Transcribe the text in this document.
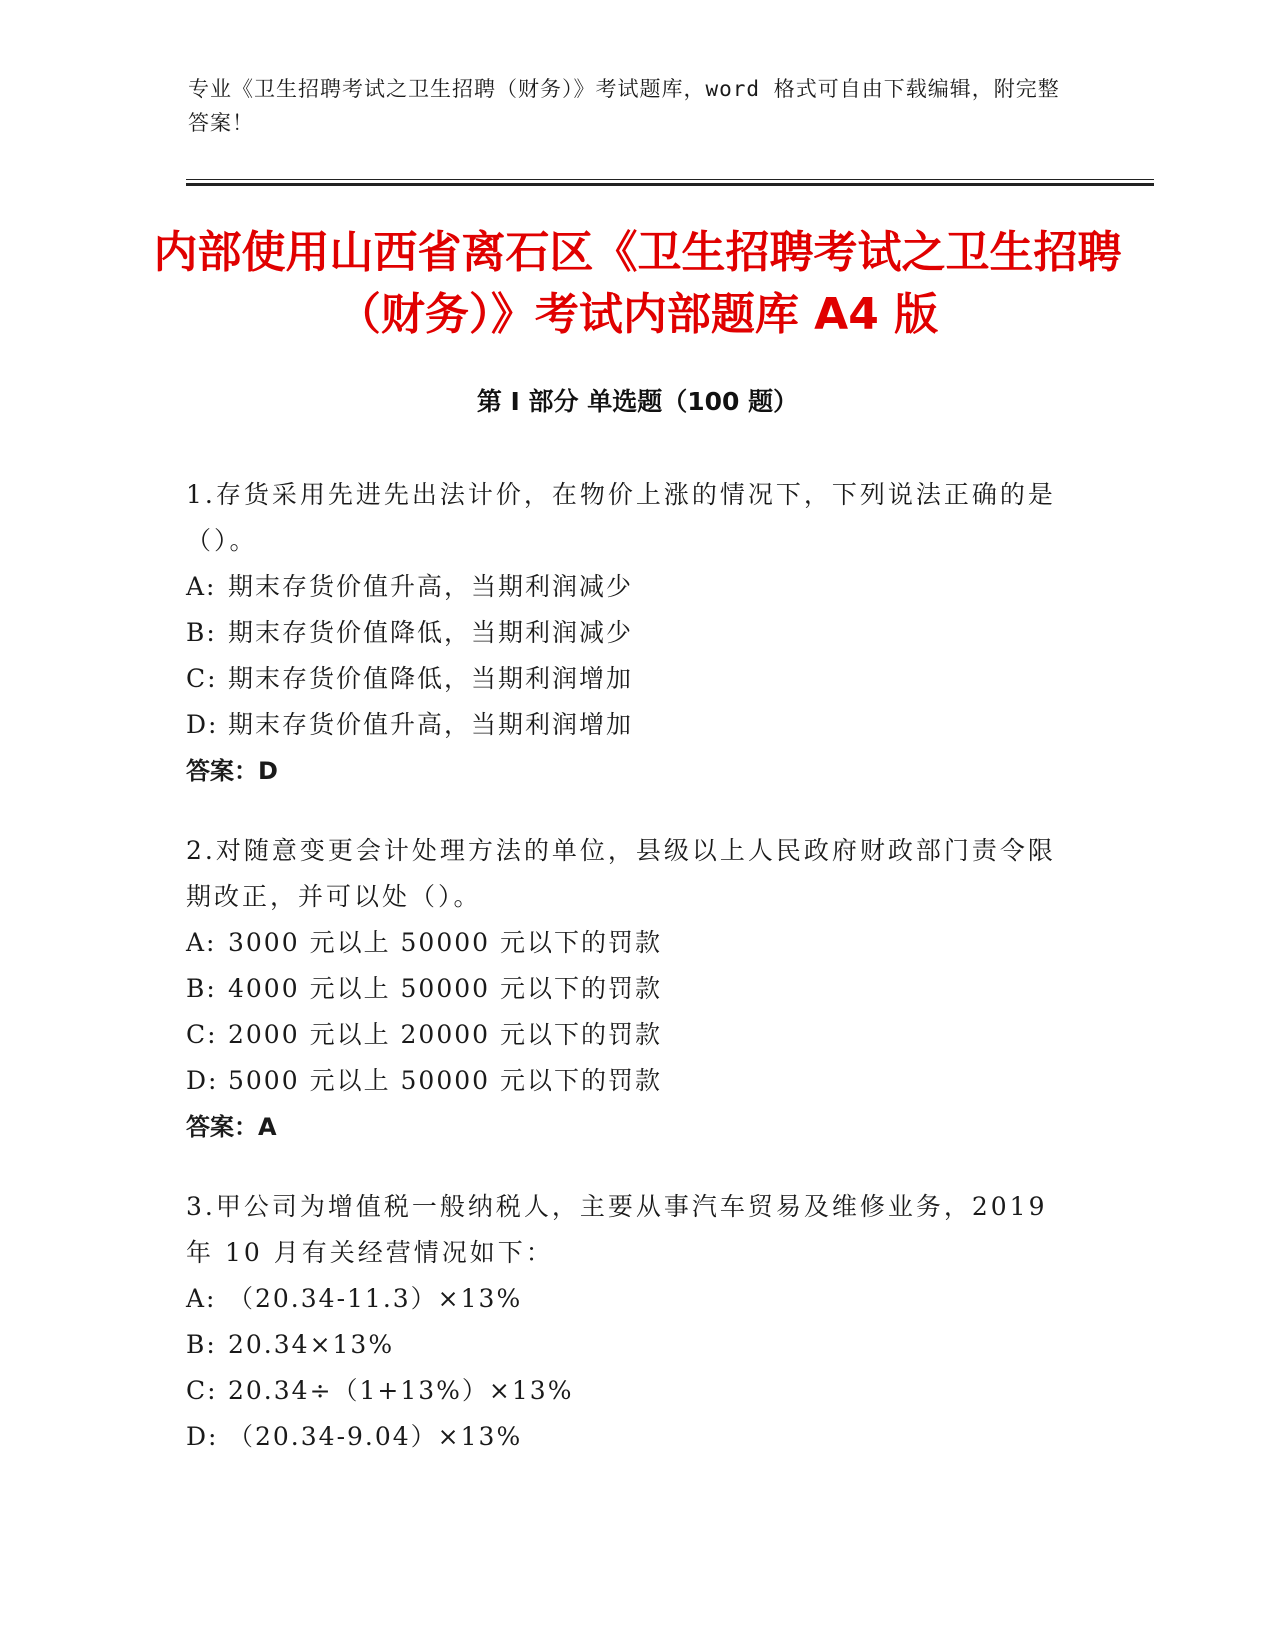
专业《卫生招聘考试之卫生招聘（财务）》考试题库，word 格式可自由下载编辑，附完整答案！
内部使用山西省离石区《卫生招聘考试之卫生招聘（财务）》考试内部题库 A4 版
第 I 部分 单选题（100 题）
1.存货采用先进先出法计价，在物价上涨的情况下，下列说法正确的是（）。
A: 期末存货价值升高，当期利润减少
B: 期末存货价值降低，当期利润减少
C: 期末存货价值降低，当期利润增加
D: 期末存货价值升高，当期利润增加
答案：D
2.对随意变更会计处理方法的单位，县级以上人民政府财政部门责令限期改正，并可以处（）。
A: 3000 元以上 50000 元以下的罚款
B: 4000 元以上 50000 元以下的罚款
C: 2000 元以上 20000 元以下的罚款
D: 5000 元以上 50000 元以下的罚款
答案：A
3.甲公司为增值税一般纳税人，主要从事汽车贸易及维修业务，2019 年 10 月有关经营情况如下：
A: （20.34-11.3）×13%
B: 20.34×13%
C: 20.34÷（1+13%）×13%
D: （20.34-9.04）×13%
